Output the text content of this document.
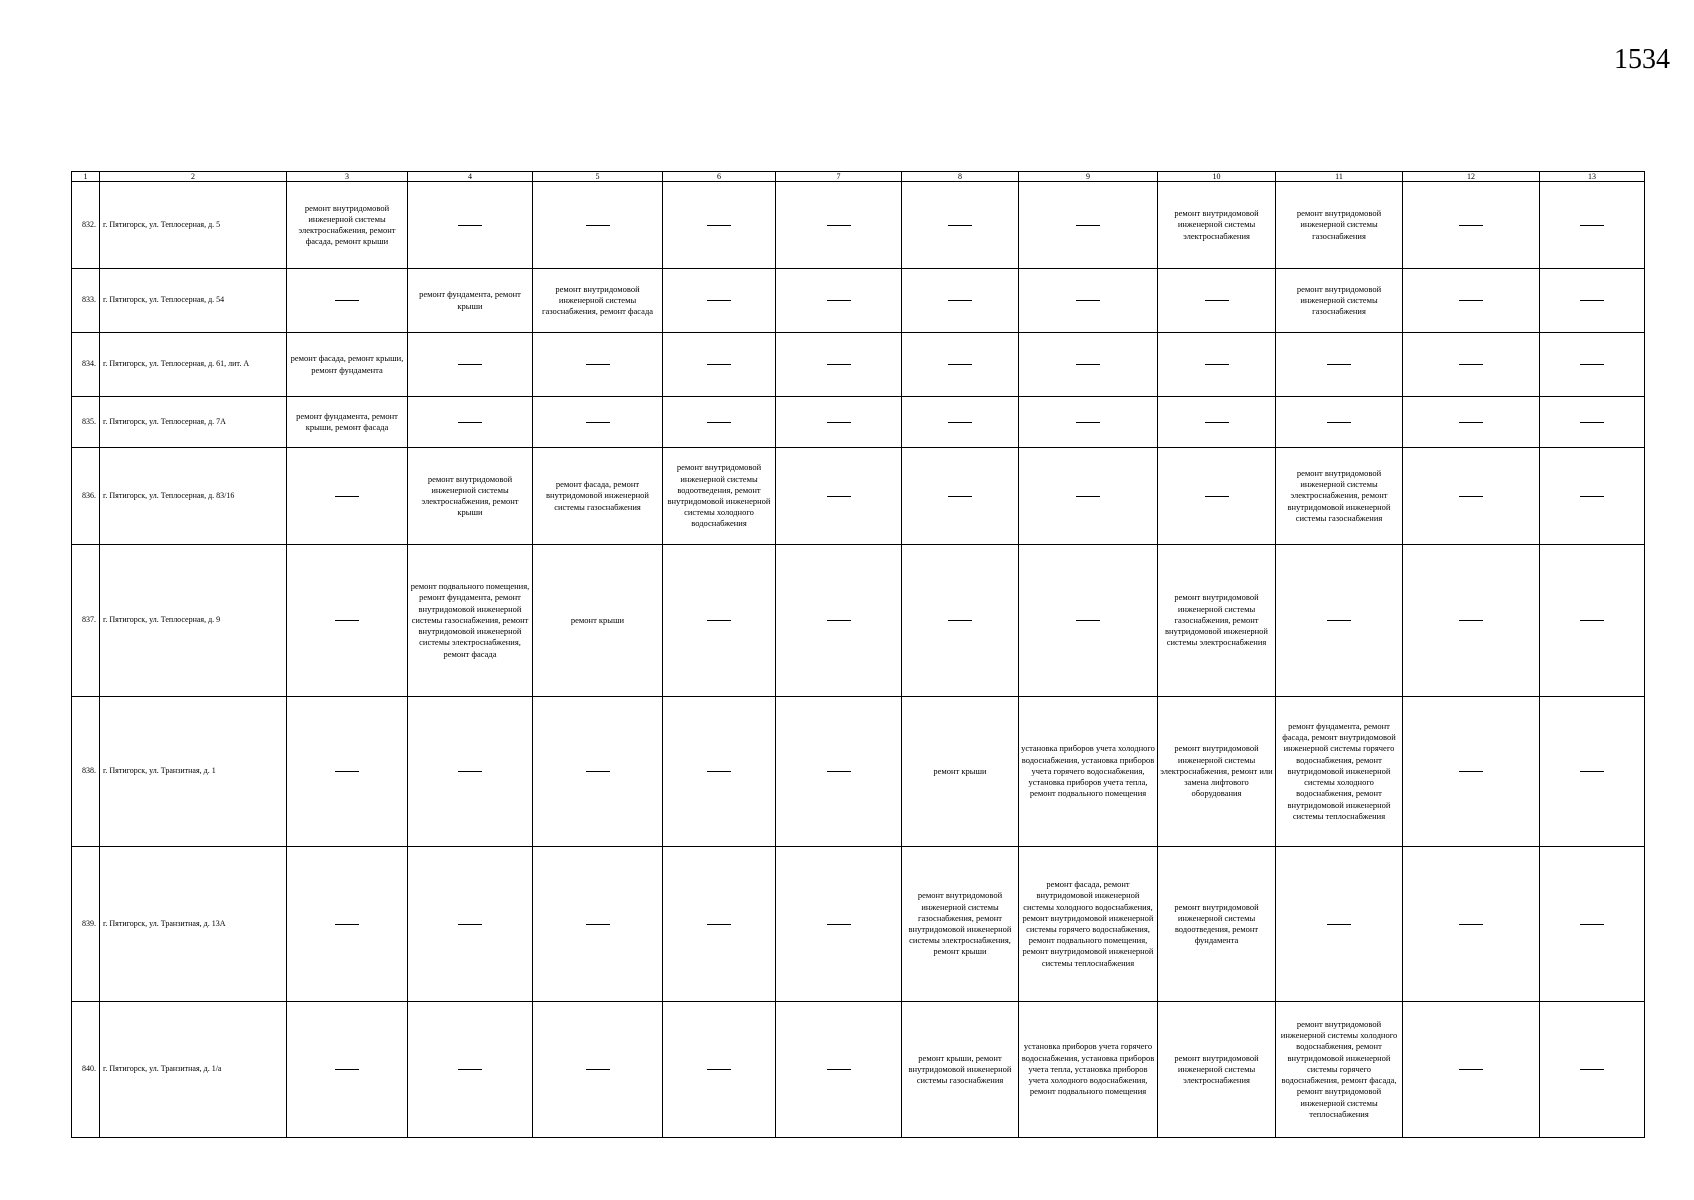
1534
1	2	3	4	5	6	7	8	9	10	11	12	13
832.	г. Пятигорск, ул. Теплосерная, д. 5	ремонт внутридомовой инженерной системы электроснабжения, ремонт фасада, ремонт крыши							ремонт внутридомовой инженерной системы электроснабжения	ремонт внутридомовой инженерной системы газоснабжения		
833.	г. Пятигорск, ул. Теплосерная, д. 54		ремонт фундамента, ремонт крыши	ремонт внутридомовой инженерной системы газоснабжения, ремонт фасада						ремонт внутридомовой инженерной системы газоснабжения		
834.	г. Пятигорск, ул. Теплосерная, д. 61, лит. А	ремонт фасада, ремонт крыши, ремонт фундамента										
835.	г. Пятигорск, ул. Теплосерная, д. 7А	ремонт фундамента, ремонт крыши, ремонт фасада										
836.	г. Пятигорск, ул. Теплосерная, д. 83/16		ремонт внутридомовой инженерной системы электроснабжения, ремонт крыши	ремонт фасада, ремонт внутридомовой инженерной системы газоснабжения	ремонт внутридомовой инженерной системы водоотведения, ремонт внутридомовой инженерной системы холодного водоснабжения					ремонт внутридомовой инженерной системы электроснабжения, ремонт внутридомовой инженерной системы газоснабжения		
837.	г. Пятигорск, ул. Теплосерная, д. 9		ремонт подвального помещения, ремонт фундамента, ремонт внутридомовой инженерной системы газоснабжения, ремонт внутридомовой инженерной системы электроснабжения, ремонт фасада	ремонт крыши					ремонт внутридомовой инженерной системы газоснабжения, ремонт внутридомовой инженерной системы электроснабжения			
838.	г. Пятигорск, ул. Транзитная, д. 1						ремонт крыши	установка приборов учета холодного водоснабжения, установка приборов учета горячего водоснабжения, установка приборов учета тепла, ремонт подвального помещения	ремонт внутридомовой инженерной системы электроснабжения, ремонт или замена лифтового оборудования	ремонт фундамента, ремонт фасада, ремонт внутридомовой инженерной системы горячего водоснабжения, ремонт внутридомовой инженерной системы холодного водоснабжения, ремонт внутридомовой инженерной системы теплоснабжения		
839.	г. Пятигорск, ул. Транзитная, д. 13А						ремонт внутридомовой инженерной системы газоснабжения, ремонт внутридомовой инженерной системы электроснабжения, ремонт крыши	ремонт фасада, ремонт внутридомовой инженерной системы холодного водоснабжения, ремонт внутридомовой инженерной системы горячего водоснабжения, ремонт подвального помещения, ремонт внутридомовой инженерной системы теплоснабжения	ремонт внутридомовой инженерной системы водоотведения, ремонт фундамента			
840.	г. Пятигорск, ул. Транзитная, д. 1/а						ремонт крыши, ремонт внутридомовой инженерной системы газоснабжения	установка приборов учета горячего водоснабжения, установка приборов учета тепла, установка приборов учета холодного водоснабжения, ремонт подвального помещения	ремонт внутридомовой инженерной системы электроснабжения	ремонт внутридомовой инженерной системы холодного водоснабжения, ремонт внутридомовой инженерной системы горячего водоснабжения, ремонт фасада, ремонт внутридомовой инженерной системы теплоснабжения		
